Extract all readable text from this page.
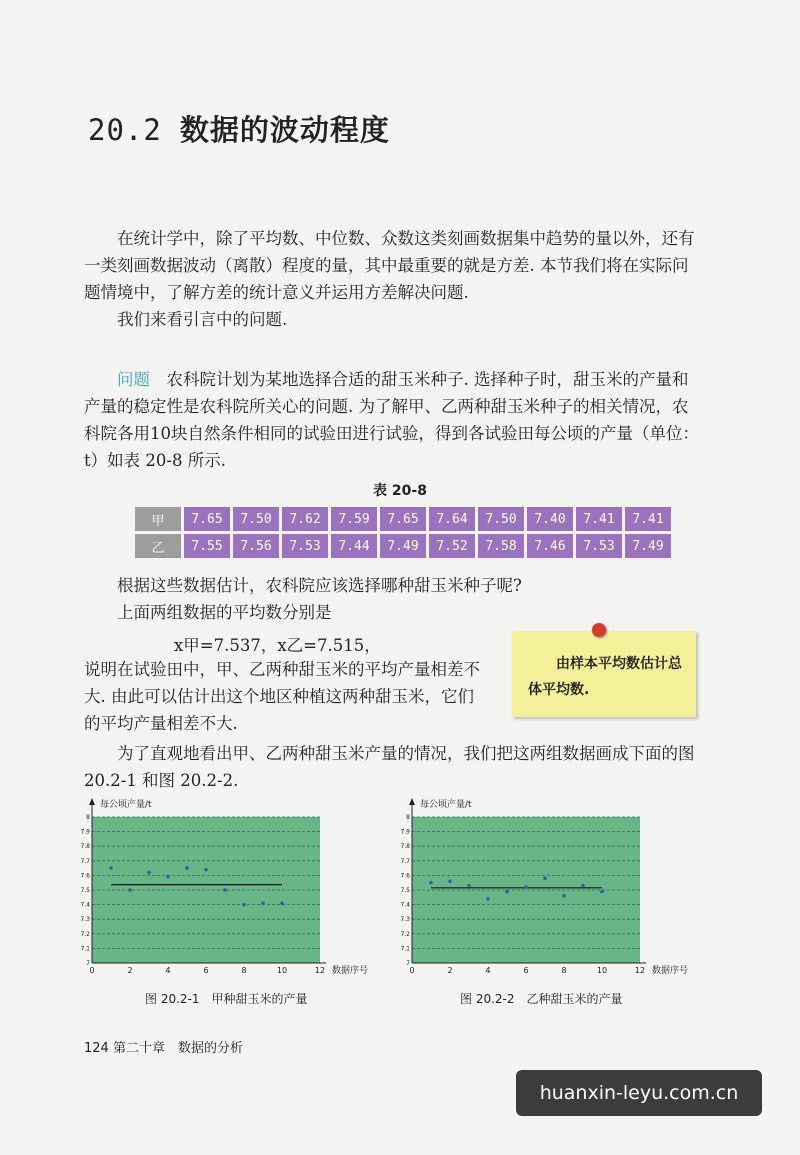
20.2 数据的波动程度

在统计学中，除了平均数、中位数、众数这类刻画数据集中趋势的量以外，还有一类刻画数据波动（离散）程度的量，其中最重要的就是方差. 本节我们将在实际问题情境中，了解方差的统计意义并运用方差解决问题.

我们来看引言中的问题.

问题　 农科院计划为某地选择合适的甜玉米种子. 选择种子时，甜玉米的产量和产量的稳定性是农科院所关心的问题. 为了解甲、乙两种甜玉米种子的相关情况，农科院各用10块自然条件相同的试验田进行试验，得到各试验田每公顷的产量（单位：t）如表 20-8 所示.

表 20-8
甲	7.65	7.50	7.62	7.59	7.65	7.64	7.50	7.40	7.41	7.41
乙	7.55	7.56	7.53	7.44	7.49	7.52	7.58	7.46	7.53	7.49

根据这些数据估计，农科院应该选择哪种甜玉米种子呢?

上面两组数据的平均数分别是

x甲=7.537，x乙=7.515，

说明在试验田中，甲、乙两种甜玉米的平均产量相差不大. 由此可以估计出这个地区种植这两种甜玉米，它们的平均产量相差不大.

由样本平均数估计总体平均数.

为了直观地看出甲、乙两种甜玉米产量的情况，我们把这两组数据画成下面的图 20.2-1 和图 20.2-2.

7
7.1
7.2
7.3
7.4
7.5
7.6
7.7
7.8
7.9
8
0	2	4	6	8	10	12
每公顷产量/t
数据序号
7
7.1
7.2
7.3
7.4
7.5
7.6
7.7
7.8
7.9
8
0	2	4	6	8	10	12
每公顷产量/t
数据序号
图 20.2-1　甲种甜玉米的产量	图 20.2-2　乙种甜玉米的产量
124 第二十章　数据的分析
huanxin-leyu.com.cn
